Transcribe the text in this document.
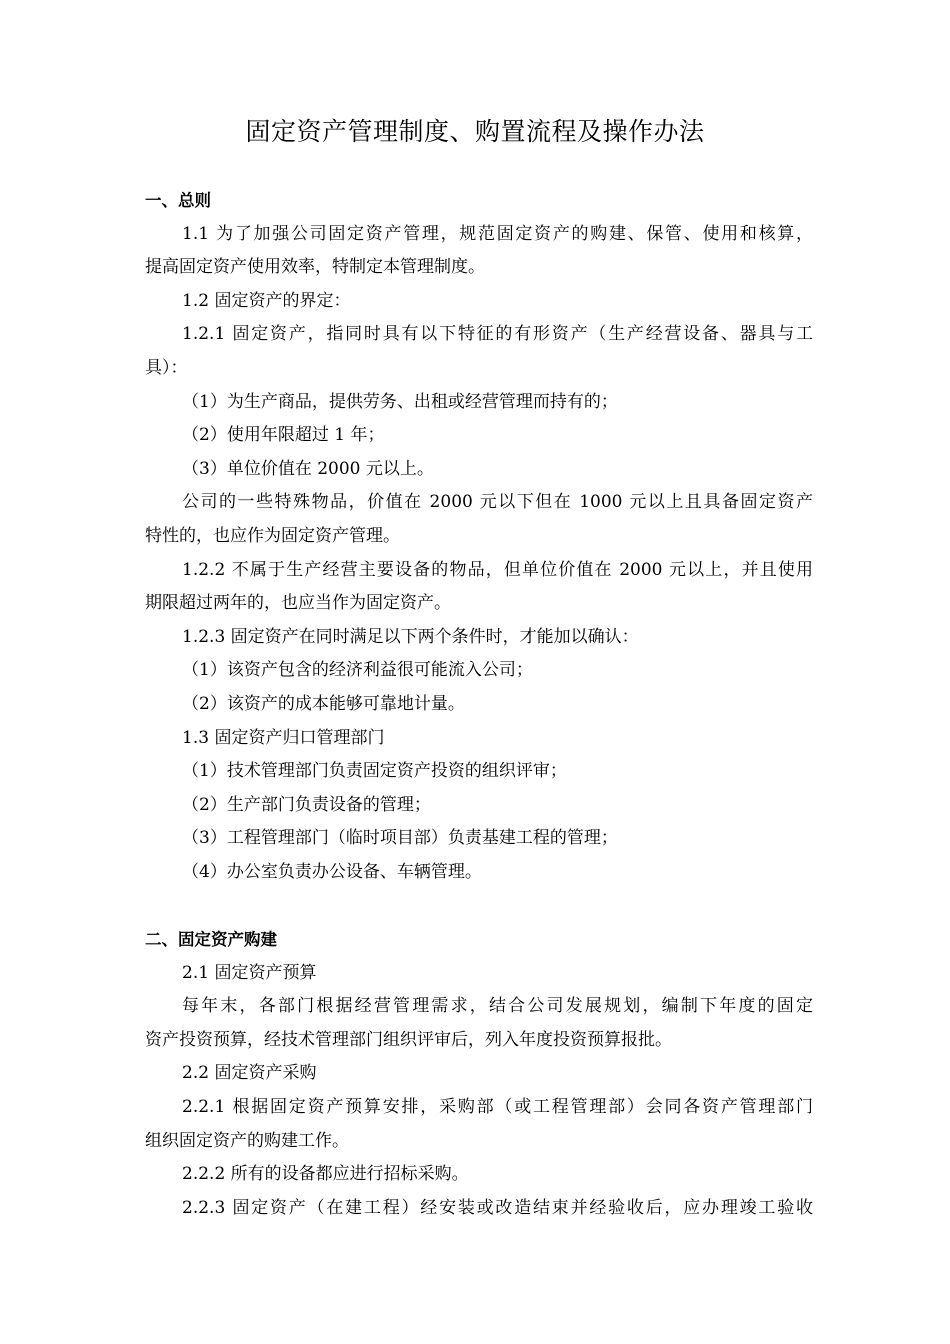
固定资产管理制度、购置流程及操作办法
一、总则
1.1 为了加强公司固定资产管理，规范固定资产的购建、保管、使用和核算，
提高固定资产使用效率，特制定本管理制度。
1.2 固定资产的界定：
1.2.1 固定资产，指同时具有以下特征的有形资产（生产经营设备、器具与工
具）：
（1）为生产商品，提供劳务、出租或经营管理而持有的；
（2）使用年限超过 1 年；
（3）单位价值在 2000 元以上。
公司的一些特殊物品，价值在 2000 元以下但在 1000 元以上且具备固定资产
特性的，也应作为固定资产管理。
1.2.2 不属于生产经营主要设备的物品，但单位价值在 2000 元以上，并且使用
期限超过两年的，也应当作为固定资产。
1.2.3 固定资产在同时满足以下两个条件时，才能加以确认：
（1）该资产包含的经济利益很可能流入公司；
（2）该资产的成本能够可靠地计量。
1.3 固定资产归口管理部门
（1）技术管理部门负责固定资产投资的组织评审；
（2）生产部门负责设备的管理；
（3）工程管理部门（临时项目部）负责基建工程的管理；
（4）办公室负责办公设备、车辆管理。
二、固定资产购建
2.1 固定资产预算
每年末，各部门根据经营管理需求，结合公司发展规划，编制下年度的固定
资产投资预算，经技术管理部门组织评审后，列入年度投资预算报批。
2.2 固定资产采购
2.2.1 根据固定资产预算安排，采购部（或工程管理部）会同各资产管理部门
组织固定资产的购建工作。
2.2.2 所有的设备都应进行招标采购。
2.2.3 固定资产（在建工程）经安装或改造结束并经验收后，应办理竣工验收
